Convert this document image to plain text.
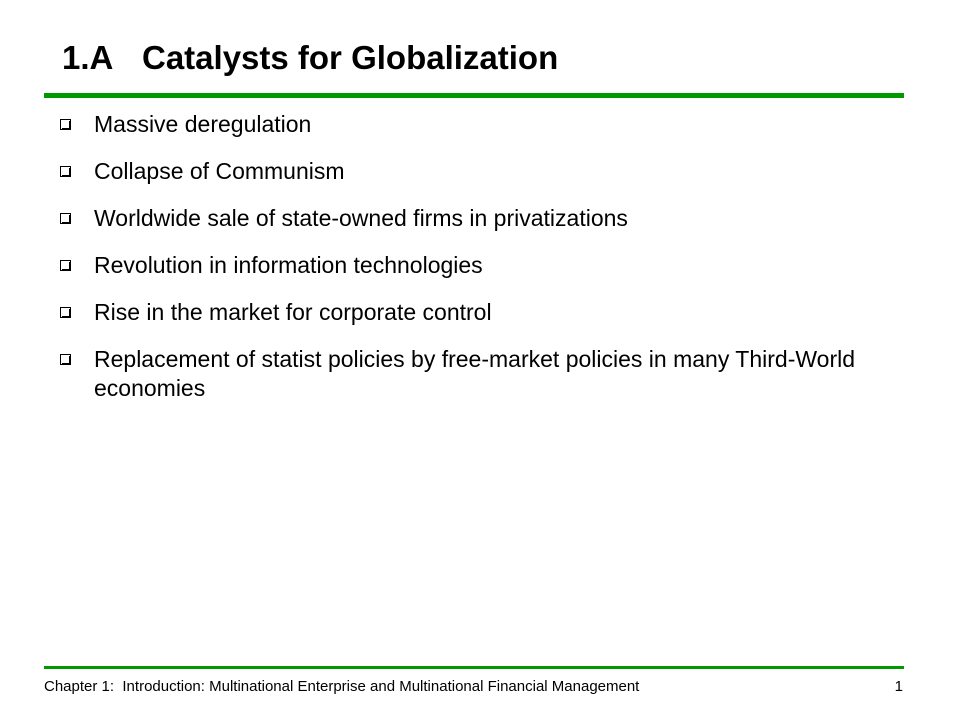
1.A Catalysts for Globalization
Massive deregulation
Collapse of Communism
Worldwide sale of state-owned firms in privatizations
Revolution in information technologies
Rise in the market for corporate control
Replacement of statist policies by free-market policies in many Third-World economies
Chapter 1: Introduction: Multinational Enterprise and Multinational Financial Management	1
